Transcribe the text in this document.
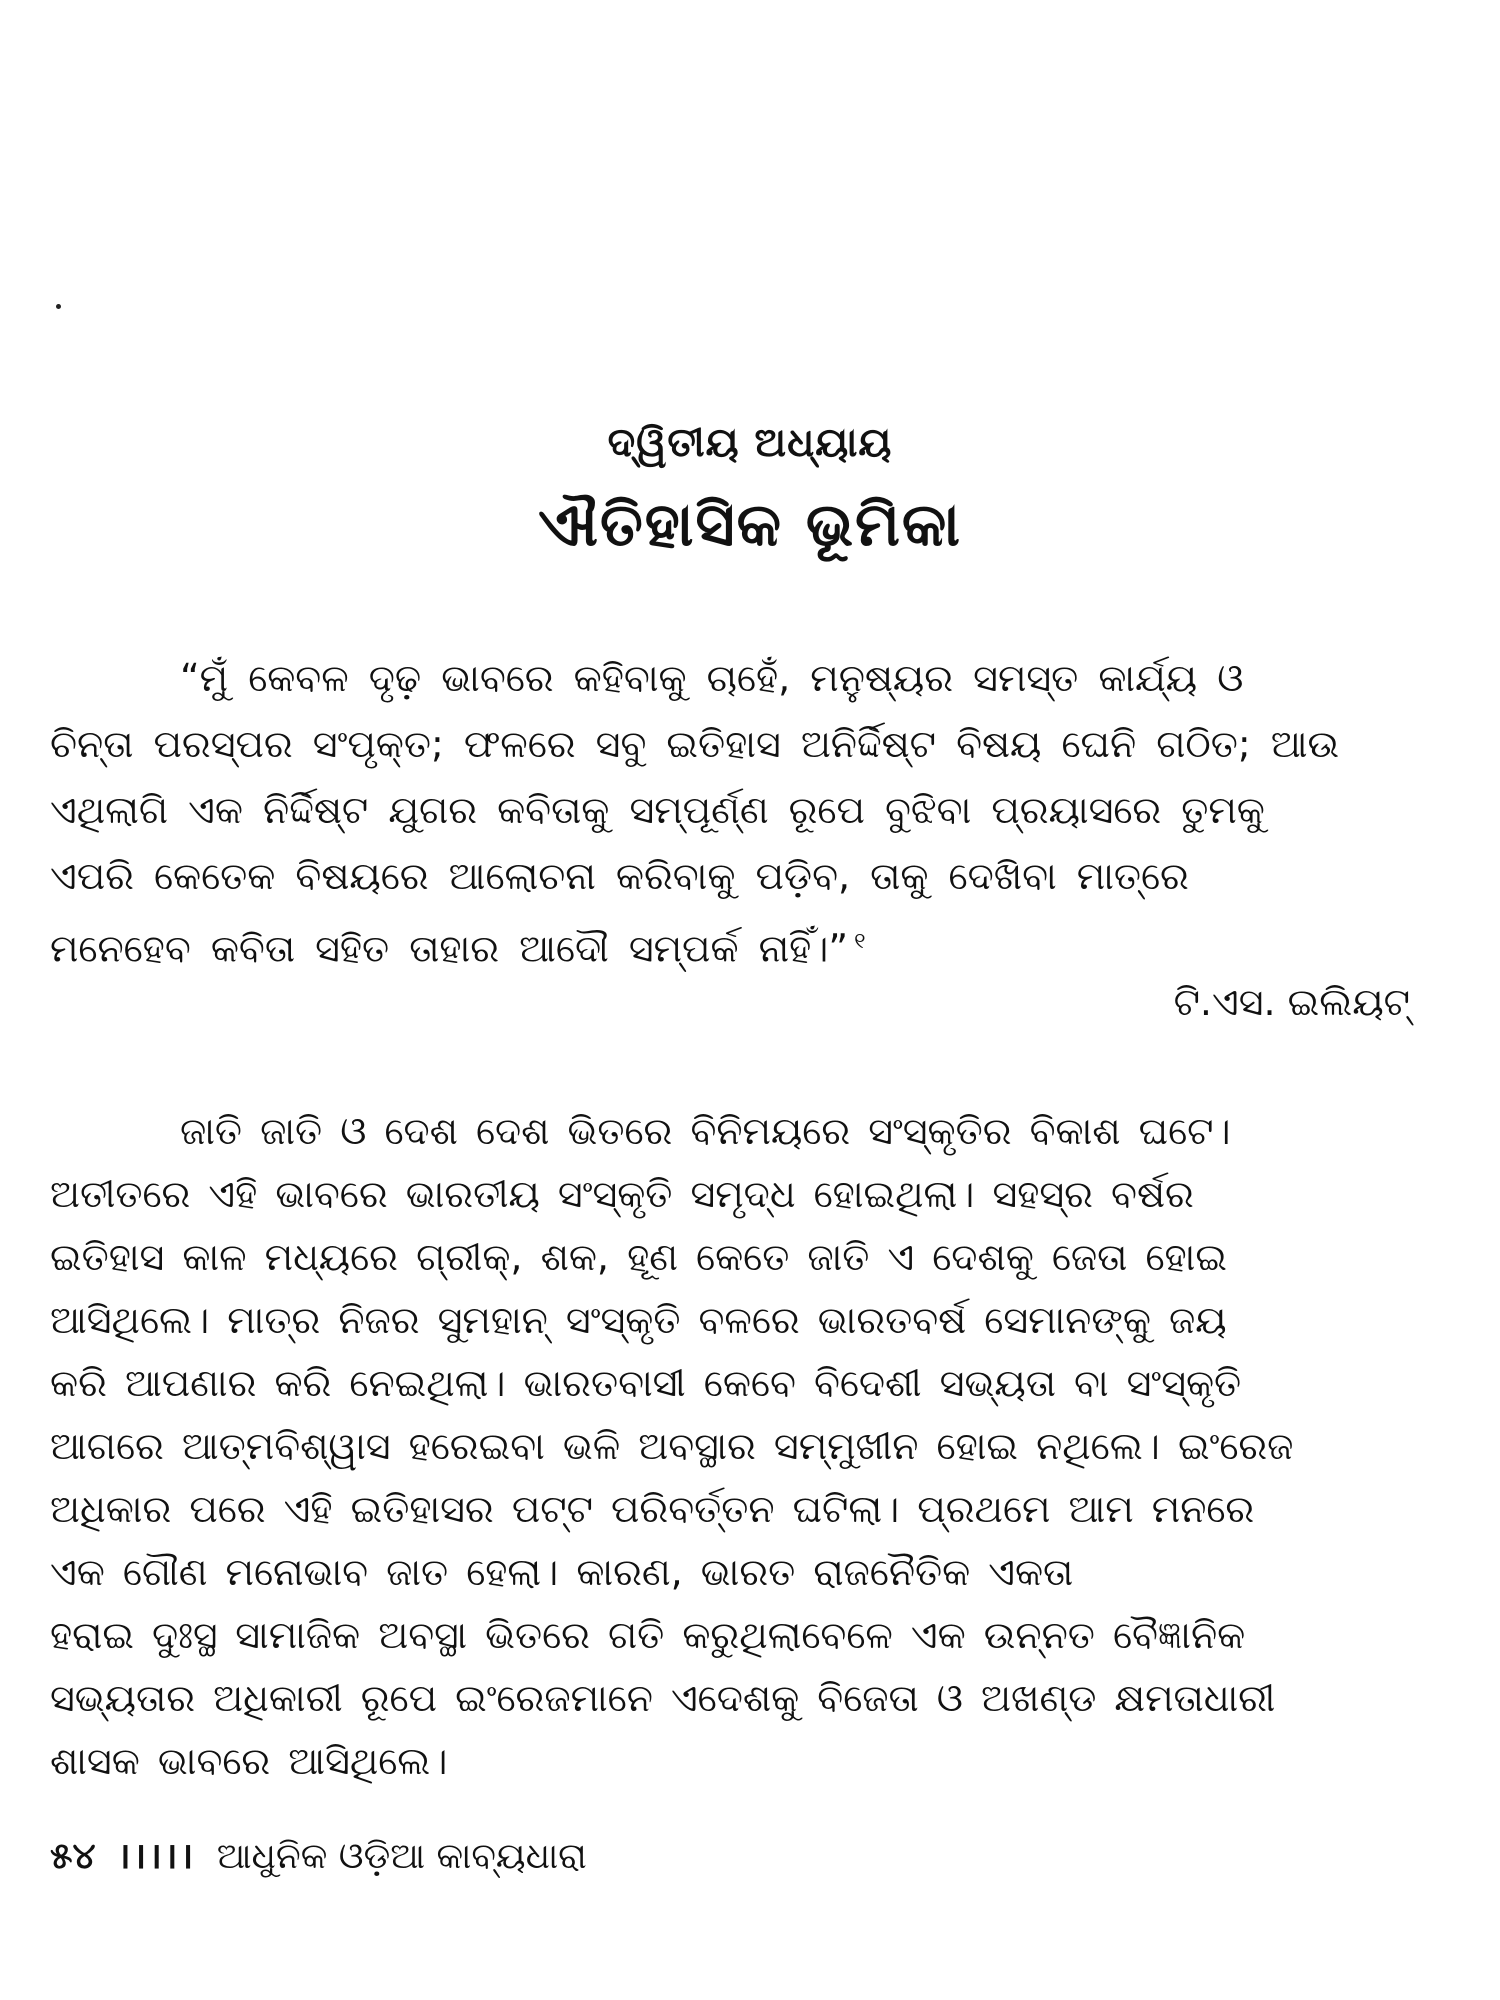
ଦ୍ୱିତୀୟ ଅଧ୍ୟାୟ
ଐତିହାସିକ ଭୂମିକା
“ମୁଁ କେବଳ ଦୃଢ଼ ଭାବରେ କହିବାକୁ ଚାହେଁ, ମନୁଷ୍ୟର ସମସ୍ତ କାର୍ଯ୍ୟ ଓ
ଚିନ୍ତା ପରସ୍ପର ସଂପୃକ୍ତ; ଫଳରେ ସବୁ ଇତିହାସ ଅନିର୍ଦ୍ଦିଷ୍ଟ ବିଷୟ ଘେନି ଗଠିତ; ଆଉ
ଏଥିଲାଗି ଏକ ନିର୍ଦ୍ଦିଷ୍ଟ ଯୁଗର କବିତାକୁ ସମ୍ପୂର୍ଣ୍ଣ ରୂପେ ବୁଝିବା ପ୍ରୟାସରେ ତୁମକୁ
ଏପରି କେତେକ ବିଷୟରେ ଆଲୋଚନା କରିବାକୁ ପଡ଼ିବ, ତାକୁ ଦେଖିବା ମାତ୍ରେ
ମନେହେବ କବିତା ସହିତ ତାହାର ଆଦୌ ସମ୍ପର୍କ ନାହିଁ।” $^୧$
ଟି.ଏସ. ଇଲିୟଟ୍
ଜାତି ଜାତି ଓ ଦେଶ ଦେଶ ଭିତରେ ବିନିମୟରେ ସଂସ୍କୃତିର ବିକାଶ ଘଟେ।
ଅତୀତରେ ଏହି ଭାବରେ ଭାରତୀୟ ସଂସ୍କୃତି ସମୃଦ୍ଧ ହୋଇଥିଲା। ସହସ୍ର ବର୍ଷର
ଇତିହାସ କାଳ ମଧ୍ୟରେ ଗ୍ରୀକ୍, ଶକ, ହୂଣ କେତେ ଜାତି ଏ ଦେଶକୁ ଜେତା ହୋଇ
ଆସିଥିଲେ। ମାତ୍ର ନିଜର ସୁମହାନ୍ ସଂସ୍କୃତି ବଳରେ ଭାରତବର୍ଷ ସେମାନଙ୍କୁ ଜୟ
କରି ଆପଣାର କରି ନେଇଥିଲା। ଭାରତବାସୀ କେବେ ବିଦେଶୀ ସଭ୍ୟତା ବା ସଂସ୍କୃତି
ଆଗରେ ଆତ୍ମବିଶ୍ୱାସ ହରେଇବା ଭଳି ଅବସ୍ଥାର ସମ୍ମୁଖୀନ ହୋଇ ନଥିଲେ। ଇଂରେଜ
ଅଧିକାର ପରେ ଏହି ଇତିହାସର ପଟ୍ଟ ପରିବର୍ତ୍ତନ ଘଟିଲା। ପ୍ରଥମେ ଆମ ମନରେ
ଏକ ଗୌଣ ମନୋଭାବ ଜାତ ହେଲା। କାରଣ, ଭାରତ ରାଜନୈତିକ ଏକତା
ହରାଇ ଦୁଃସ୍ଥ ସାମାଜିକ ଅବସ୍ଥା ଭିତରେ ଗତି କରୁଥିଲାବେଳେ ଏକ ଉନ୍ନତ ବୈଜ୍ଞାନିକ
ସଭ୍ୟତାର ଅଧିକାରୀ ରୂପେ ଇଂରେଜମାନେ ଏଦେଶକୁ ବିଜେତା ଓ ଅଖଣ୍ଡ କ୍ଷମତାଧାରୀ
ଶାସକ ଭାବରେ ଆସିଥିଲେ।
୫୪ ।।।।। ଆଧୁନିକ ଓଡ଼ିଆ କାବ୍ୟଧାରା
